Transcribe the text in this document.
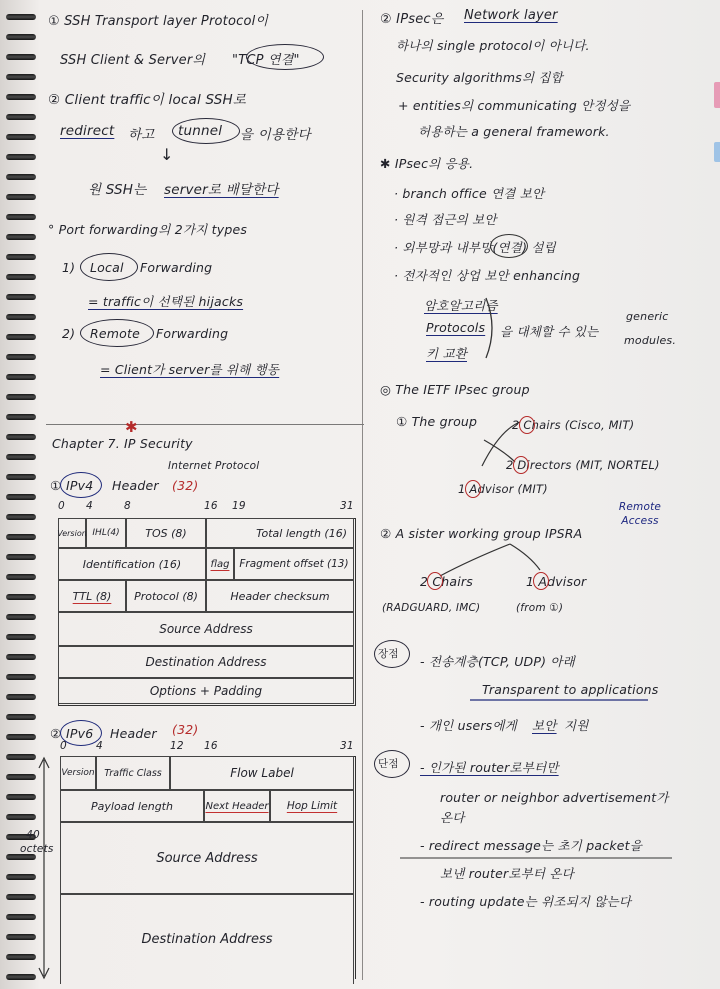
① SSH Transport layer Protocol이
SSH Client & Server의 "TCP 연결"
② Client traffic이 local SSH로
redirect 하고 tunnel 을 이용한다
↓
원 SSH는 server로 배달한다
° Port forwarding의 2가지 types
1) Local Forwarding
= traffic이 선택된 hijacks
2) Remote Forwarding
= Client가 server를 위해 행동
Chapter 7. IP Security
✱
Internet Protocol
① IPv4 Header (32)
0 4	8	16 19	31
Version IHL(4)	TOS (8)	Total length (16)
Identification (16)	flag Fragment offset (13)
TTL (8)	Protocol (8)	Header checksum
Source Address
Destination Address
Options + Padding
② IPv6 Header (32)
0	4	12 16	31
Version	Traffic Class	Flow Label
Payload length	Next Header	Hop Limit
Source Address
Destination Address
40 octets
② IPsec은 Network layer
하나의 single protocol이 아니다.
Security algorithms의 집합
+ entities의 communicating 안정성을
허용하는 a general framework.
✱ IPsec의 응용.
· branch office 연결 보안
· 원격 접근의 보안
· 외부망과 내부망(연결) 설립
· 전자적인 상업 보안 enhancing
암호알고리즘
Protocols
키 교환
을 대체할 수 있는
generic
modules.
◎ The IETF IPsec group
① The group	2 Chairs (Cisco, MIT)
2 Directors (MIT, NORTEL)
1 Advisor (MIT)
Remote Access
② A sister working group IPSRA
2 Chairs
(RADGUARD, IMC)
1 Advisor
(from ①)
장점 - 전송계층(TCP, UDP) 아래
Transparent to applications
- 개인 users에게 보안 지원
단점 - 인가된 router로부터만
router or neighbor advertisement가
온다
- redirect message는 초기 packet을
보낸 router로부터 온다
- routing update는 위조되지 않는다
